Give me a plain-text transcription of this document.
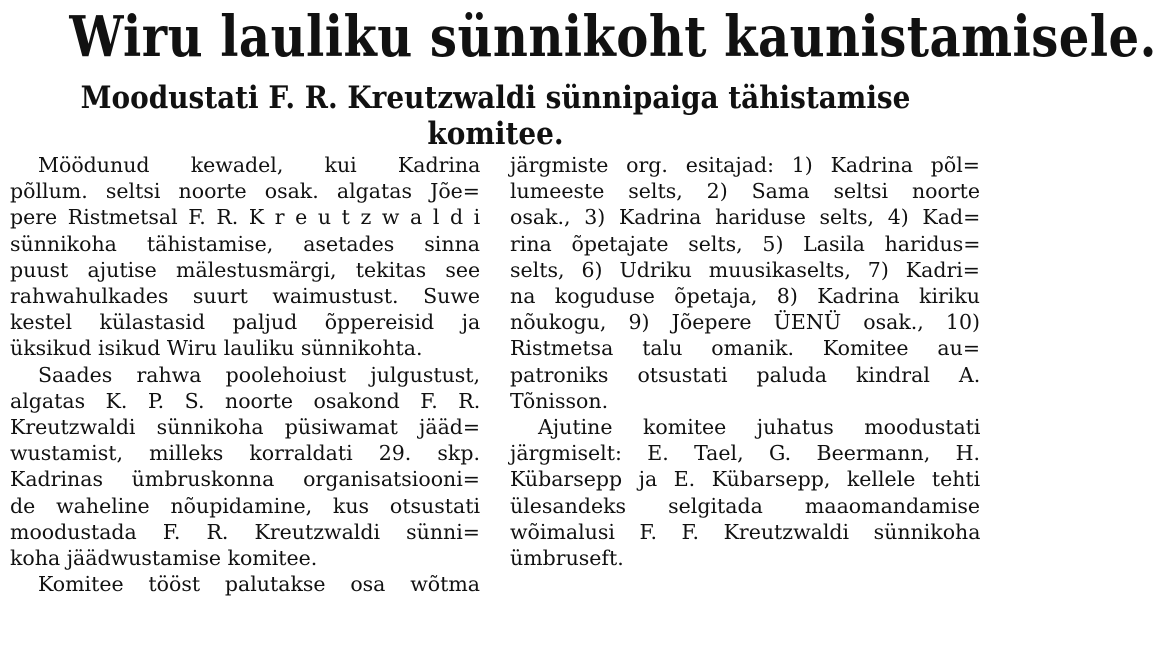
Wiru lauliku sünnikoht kaunistamisele.
Moodustati F. R. Kreutzwaldi sünnipaiga tähistamise
komitee.
Möödunud kewadel, kui Kadrina
põllum. seltsi noorte osak. algatas Jõe=
pere Ristmetsal F. R. K r e u t z w a l d i
sünnikoha tähistamise, asetades sinna
puust ajutise mälestusmärgi, tekitas see
rahwahulkades suurt waimustust. Suwe
kestel külastasid paljud õppereisid ja
üksikud isikud Wiru lauliku sünnikohta.
Saades rahwa poolehoiust julgustust,
algatas K. P. S. noorte osakond F. R.
Kreutzwaldi sünnikoha püsiwamat jääd=
wustamist, milleks korraldati 29. skp.
Kadrinas ümbruskonna organisatsiooni=
de waheline nõupidamine, kus otsustati
moodustada F. R. Kreutzwaldi sünni=
koha jäädwustamise komitee.
Komitee tööst palutakse osa wõtma
järgmiste org. esitajad: 1) Kadrina põl=
lumeeste selts, 2) Sama seltsi noorte
osak., 3) Kadrina hariduse selts, 4) Kad=
rina õpetajate selts, 5) Lasila haridus=
selts, 6) Udriku muusikaselts, 7) Kadri=
na koguduse õpetaja, 8) Kadrina kiriku
nõukogu, 9) Jõepere ÜENÜ osak., 10)
Ristmetsa talu omanik. Komitee au=
patroniks otsustati paluda kindral A.
Tõnisson.
Ajutine komitee juhatus moodustati
järgmiselt: E. Tael, G. Beermann, H.
Kübarsepp ja E. Kübarsepp, kellele tehti
ülesandeks selgitada maaomandamise
wõimalusi F. F. Kreutzwaldi sünnikoha
ümbruseft.
